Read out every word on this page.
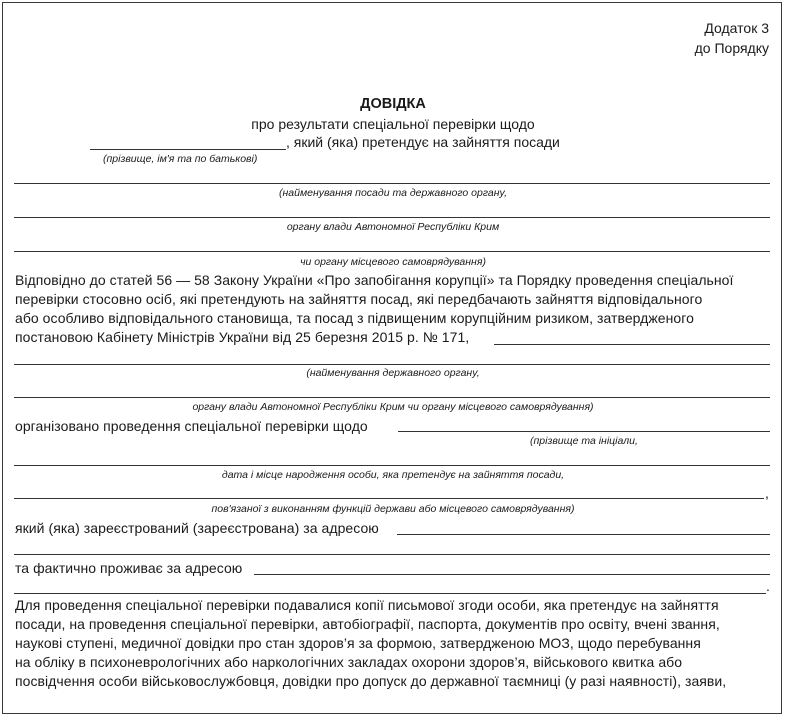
Додаток 3
до Порядку
ДОВІДКА
про результати спеціальної перевірки щодо
, який (яка) претендує на зайняття посади
(прізвище, ім'я та по батькові)
(найменування посади та державного органу,
органу влади Автономної Республіки Крим
чи органу місцевого самоврядування)
Відповідно до статей 56 — 58 Закону України «Про запобігання корупції» та Порядку проведення спеціальної
перевірки стосовно осіб, які претендують на зайняття посад, які передбачають зайняття відповідального
або особливо відповідального становища, та посад з підвищеним корупційним ризиком, затвердженого
постановою Кабінету Міністрів України від 25 березня 2015 р. № 171,
(найменування державного органу,
органу влади Автономної Республіки Крим чи органу місцевого самоврядування)
організовано проведення спеціальної перевірки щодо
(прізвище та ініціали,
дата і місце народження особи, яка претендує на зайняття посади,
,
пов'язаної з виконанням функцій держави або місцевого самоврядування)
який (яка) зареєстрований (зареєстрована) за адресою
та фактично проживає за адресою
.
Для проведення спеціальної перевірки подавалися копії письмової згоди особи, яка претендує на зайняття
посади, на проведення спеціальної перевірки, автобіографії, паспорта, документів про освіту, вчені звання,
наукові ступені, медичної довідки про стан здоров’я за формою, затвердженою МОЗ, щодо перебування
на обліку в психоневрологічних або наркологічних закладах охорони здоров’я, військового квитка або
посвідчення особи військовослужбовця, довідки про допуск до державної таємниці (у разі наявності), заяви,
